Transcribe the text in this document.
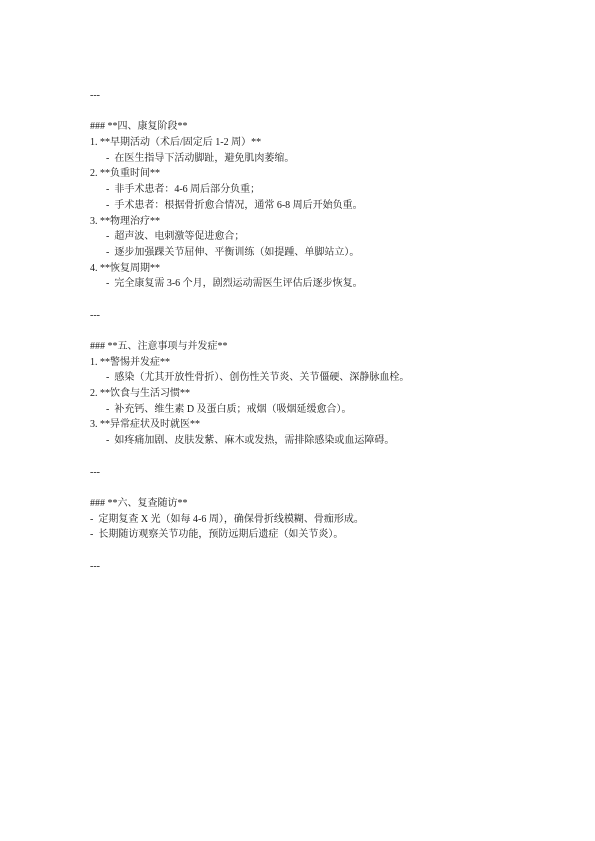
---
### **四、康复阶段**
1. **早期活动（术后/固定后 1-2 周）**
-  在医生指导下活动脚趾，避免肌肉萎缩。
2. **负重时间**
-  非手术患者：4-6 周后部分负重；
-  手术患者：根据骨折愈合情况，通常 6-8 周后开始负重。
3. **物理治疗**
-  超声波、电刺激等促进愈合；
-  逐步加强踝关节屈伸、平衡训练（如提踵、单脚站立）。
4. **恢复周期**
-  完全康复需 3-6 个月，剧烈运动需医生评估后逐步恢复。
---
### **五、注意事项与并发症**
1. **警惕并发症**
-  感染（尤其开放性骨折）、创伤性关节炎、关节僵硬、深静脉血栓。
2. **饮食与生活习惯**
-  补充钙、维生素 D 及蛋白质；戒烟（吸烟延缓愈合）。
3. **异常症状及时就医**
-  如疼痛加剧、皮肤发紫、麻木或发热，需排除感染或血运障碍。
---
### **六、复查随访**
-  定期复查 X 光（如每 4-6 周），确保骨折线模糊、骨痂形成。
-  长期随访观察关节功能，预防远期后遗症（如关节炎）。
---
